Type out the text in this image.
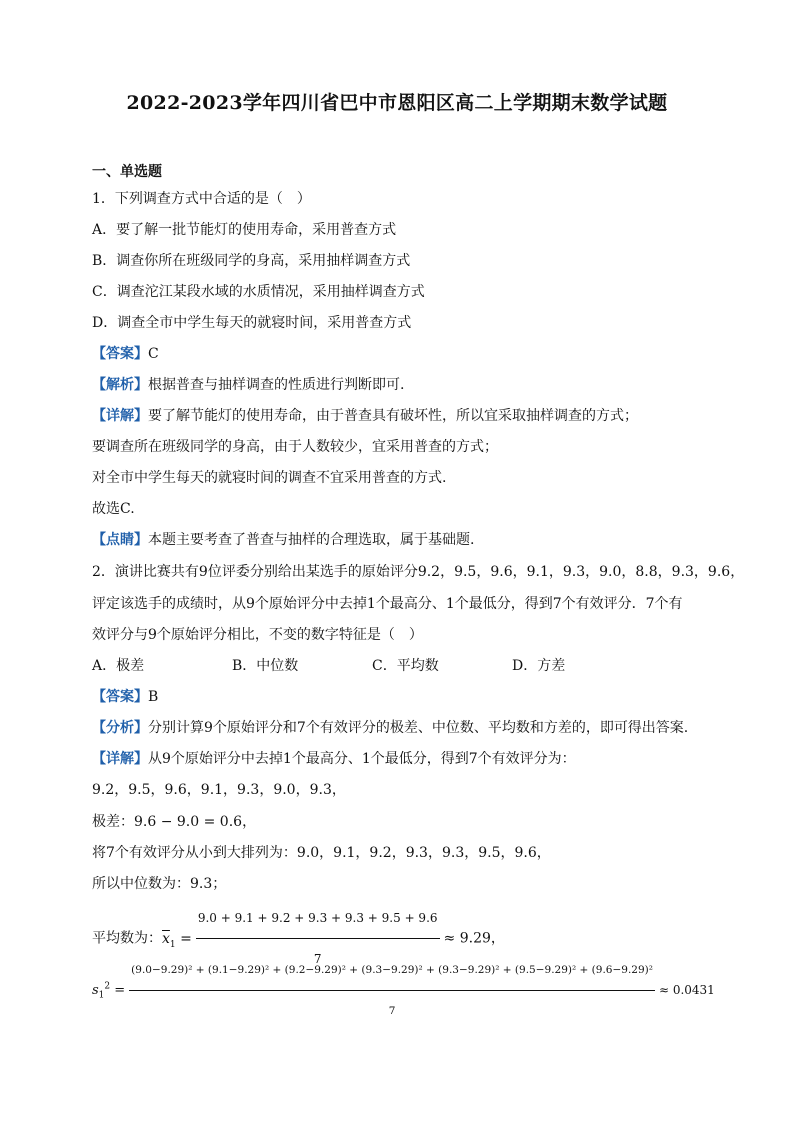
2022-2023学年四川省巴中市恩阳区高二上学期期末数学试题
一、单选题
1．下列调查方式中合适的是（　）
A．要了解一批节能灯的使用寿命，采用普查方式
B．调查你所在班级同学的身高，采用抽样调查方式
C．调查沱江某段水域的水质情况，采用抽样调查方式
D．调查全市中学生每天的就寝时间，采用普查方式
【答案】C
【解析】根据普查与抽样调查的性质进行判断即可.
【详解】要了解节能灯的使用寿命，由于普查具有破坏性，所以宜采取抽样调查的方式；
要调查所在班级同学的身高，由于人数较少，宜采用普查的方式；
对全市中学生每天的就寝时间的调查不宜采用普查的方式.
故选C.
【点睛】本题主要考查了普查与抽样的合理选取，属于基础题.
2．演讲比赛共有9位评委分别给出某选手的原始评分9.2，9.5，9.6，9.1，9.3，9.0，8.8，9.3，9.6，
评定该选手的成绩时，从9个原始评分中去掉1个最高分、1个最低分，得到7个有效评分．7个有
效评分与9个原始评分相比，不变的数字特征是（　）
A．极差	B．中位数	C．平均数	D．方差
【答案】B
【分析】分别计算9个原始评分和7个有效评分的极差、中位数、平均数和方差的，即可得出答案.
【详解】从9个原始评分中去掉1个最高分、1个最低分，得到7个有效评分为：
9.2，9.5，9.6，9.1，9.3，9.0，9.3，
极差：9.6 − 9.0 = 0.6，
将7个有效评分从小到大排列为：9.0，9.1，9.2，9.3，9.3，9.5，9.6，
所以中位数为：9.3；
平均数为：$\overline{x}_1 = \frac{9.0 + 9.1 + 9.2 + 9.3 + 9.3 + 9.5 + 9.6}{7} \approx 9.29$，
$s_1^2$ =
(9.0−9.29)² + (9.1−9.29)² + (9.2−9.29)² + (9.3−9.29)² + (9.3−9.29)² + (9.5−9.29)² + (9.6−9.29)²
7
≈ 0.0431
